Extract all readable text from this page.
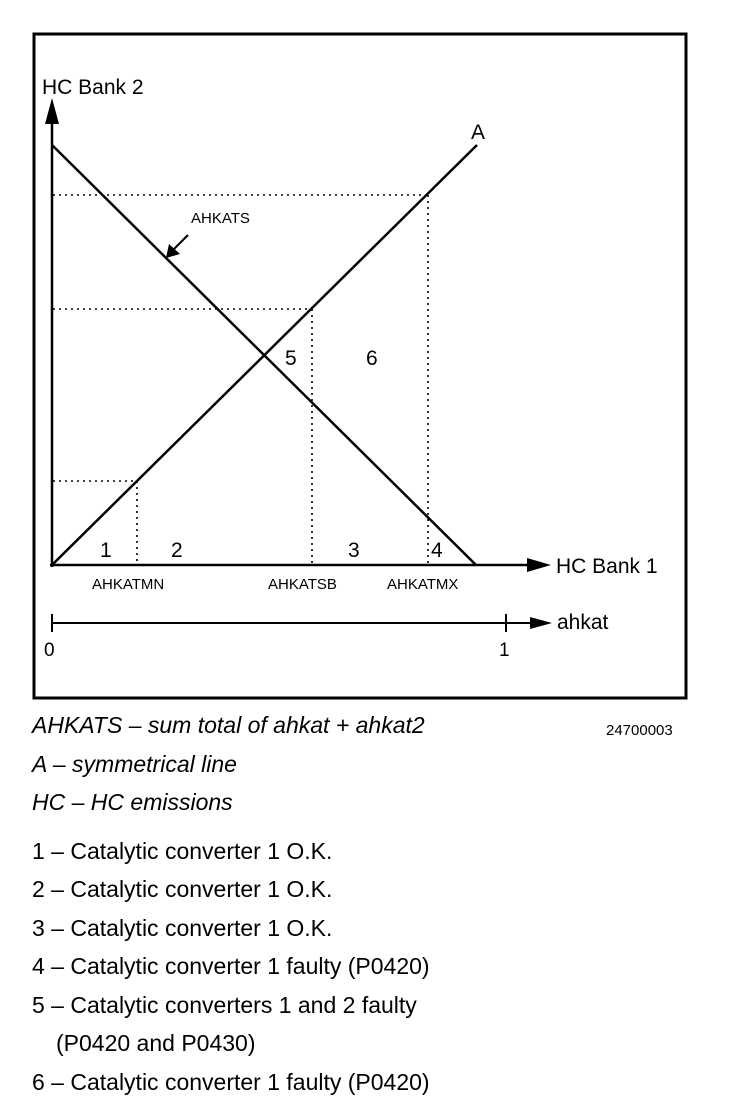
HC Bank 2
HC Bank 1
A
AHKATS
1	2	3	4
5	6
AHKATMN	AHKATSB	AHKATMX
ahkat
0	1
24700003
AHKATS – sum total of ahkat + ahkat2
A – symmetrical line
HC – HC emissions
1 – Catalytic converter 1 O.K.
2 – Catalytic converter 1 O.K.
3 – Catalytic converter 1 O.K.
4 – Catalytic converter 1 faulty (P0420)
5 – Catalytic converters 1 and 2 faulty
(P0420 and P0430)
6 – Catalytic converter 1 faulty (P0420)
